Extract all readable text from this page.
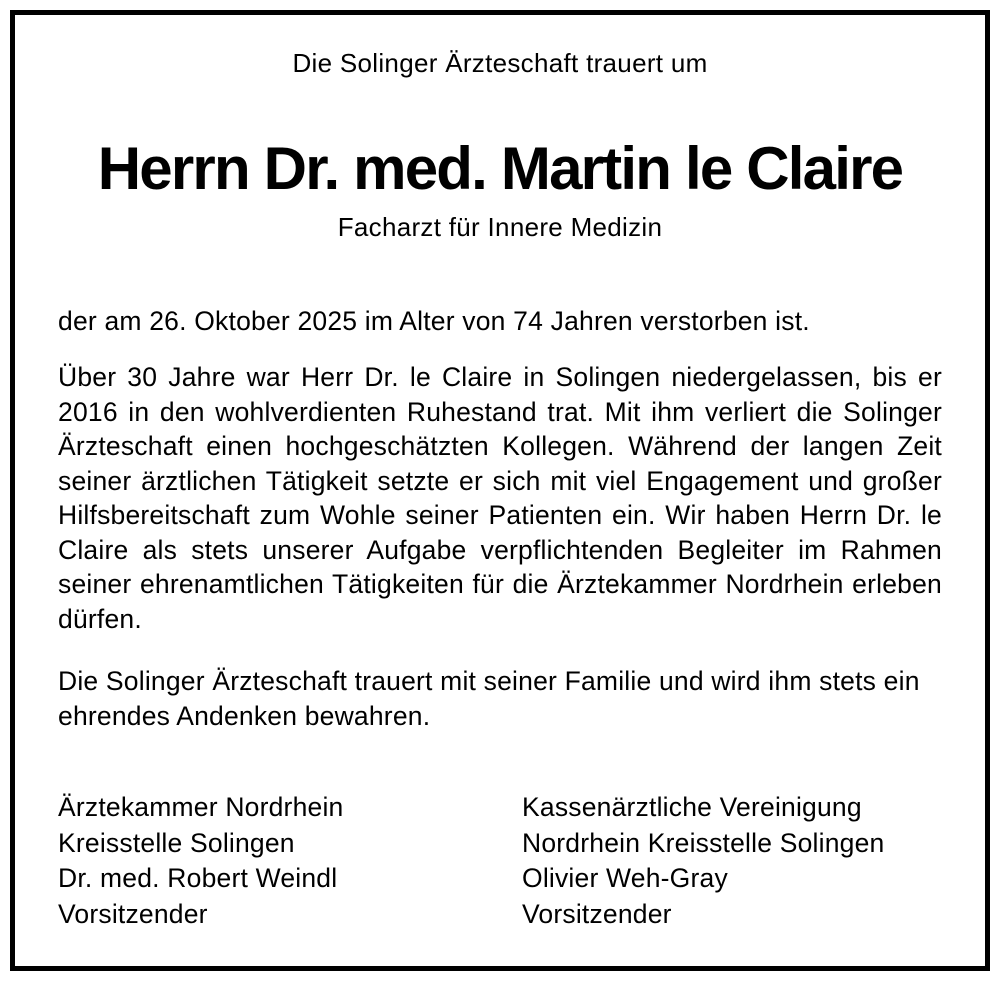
Die Solinger Ärzteschaft trauert um
Herrn Dr. med. Martin le Claire
Facharzt für Innere Medizin

der am 26. Oktober 2025 im Alter von 74 Jahren verstorben ist.

Über 30 Jahre war Herr Dr. le Claire in Solingen niedergelassen, bis er 2016 in den wohlverdienten Ruhestand trat. Mit ihm verliert die Solinger Ärzteschaft einen hochgeschätzten Kollegen. Während der langen Zeit seiner ärztlichen Tätigkeit setzte er sich mit viel Engagement und großer Hilfsbereitschaft zum Wohle seiner Patienten ein. Wir haben Herrn Dr. le Claire als stets unserer Aufgabe verpflichtenden Begleiter im Rahmen seiner ehrenamtlichen Tätigkeiten für die Ärztekammer Nordrhein erleben dürfen.

Die Solinger Ärzteschaft trauert mit seiner Familie und wird ihm stets ein ehrendes Andenken bewahren.

Ärztekammer Nordrhein
Kreisstelle Solingen
Dr. med. Robert Weindl
Vorsitzender
Kassenärztliche Vereinigung
Nordrhein Kreisstelle Solingen
Olivier Weh-Gray
Vorsitzender
